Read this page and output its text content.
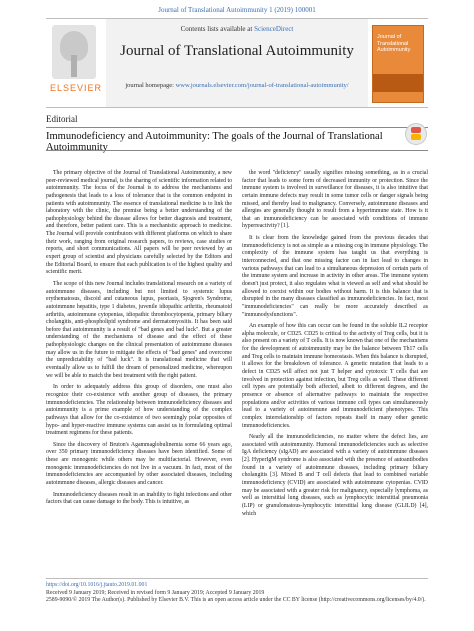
Journal of Translational Autoimmunity 1 (2019) 100001
ELSEVIER
Contents lists available at ScienceDirect
Journal of Translational Autoimmunity
journal homepage: www.journals.elsevier.com/journal-of-translational-autoimmunity/
Journal of Translational Autoimmunity
Editorial
Immunodeficiency and Autoimmunity: The goals of the Journal of Translational Autoimmunity

The primary objective of the Journal of Translational Autoimmunity, a new peer-reviewed medical journal, is the sharing of scientific information related to autoimmunity. The focus of the Journal is to address the mechanisms and pathogenesis that leads to a loss of tolerance that is the common endpoint in patients with autoimmunity. The essence of translational medicine is to link the laboratory with the clinic, the premise being a better understanding of the pathophysiology behind the disease allows for better diagnosis and treatment, and therefore, better patient care. This is a mechanistic approach to medicine. The Journal will provide contributors with different platforms on which to share their work, ranging from original research papers, to reviews, case studies or reports, and short communications. All papers will be peer reviewed by an expert group of scientist and physicians carefully selected by the Editors and the Editorial Board, to ensure that each publication is of the highest quality and scientific merit.

The scope of this new Journal includes translational research on a variety of autoimmune diseases, including but not limited to systemic lupus erythematosus, discoid and cutaneous lupus, psoriasis, Sjogren's Syndrome, autoimmune hepatitis, type 1 diabetes, juvenile idiopathic arthritis, rheumatoid arthritis, autoimmune cytopenias, idiopathic thrombocytopenia, primary biliary cholangitis, anti-phospholipid syndrome and dermatomyositis. It has been said before that autoimmunity is a result of "bad genes and bad luck". But a greater understanding of the mechanisms of disease and the effect of these pathophysiologic changes on the clinical presentation of autoimmune diseases may allow us in the future to mitigate the effects of "bad genes" and overcome the unpredictability of "bad luck". It is translational medicine that will eventually allow us to fulfill the dream of personalized medicine, whereupon we will be able to match the best treatment with the right patient.

In order to adequately address this group of disorders, one must also recognize their co-existence with another group of diseases, the primary immunodeficiencies. The relationship between immunodeficiency diseases and autoimmunity is a prime example of how understanding of the complex pathways that allow for the co-existence of two seemingly polar opposites of hypo- and hyper-reactive immune systems can assist us in formulating optimal treatment regimens for these patients.

Since the discovery of Bruton's Agammaglobulinemia some 66 years ago, over 350 primary immunodeficiency diseases have been identified. Some of these are monogenic while others may be multifactorial. However, even monogenic immunodeficiencies do not live in a vacuum. In fact, most of the immunodeficiencies are accompanied by other associated diseases, including autoimmune diseases, allergic diseases and cancer.

Immunodeficiency diseases result in an inability to fight infections and other factors that can cause damage to the body. This is intuitive, as

the word "deficiency" usually signifies missing something, as in a crucial factor that leads to some form of decreased immunity or protection. Since the immune system is involved in surveillance for diseases, it is also intuitive that certain immune defects may result in some tumor cells or danger signals being missed, and thereby lead to malignancy. Conversely, autoimmune diseases and allergies are generally thought to result from a hyperimmune state. How is it that an immunodeficiency can be associated with conditions of immune hyperreactivity? [1].

It is clear from the knowledge gained from the previous decades that immunodeficiency is not as simple as a missing cog in immune physiology. The complexity of the immune system has taught us that everything is interconnected, and that one missing factor can in fact lead to changes in various pathways that can lead to a simultaneous depression of certain parts of the immune system and increase in activity in other areas. The immune system doesn't just protect, it also regulates what is viewed as self and what should be allowed to coexist within our bodies without harm. It is this balance that is disrupted in the many diseases classified as immunodeficiencies. In fact, most "immunodeficiencies" can really be more accurately described as "immunodysfunctions".

An example of how this can occur can be found in the soluble IL2 receptor alpha molecule, or CD25. CD25 is critical to the activity of Treg cells, but it is also present on a variety of T cells. It is now known that one of the mechanisms for the development of autoimmunity may be the balance between Th17 cells and Treg cells to maintain immune homeostasis. When this balance is disrupted, it allows for the breakdown of tolerance. A genetic mutation that leads to a defect in CD25 will affect not just T helper and cytotoxic T cells that are involved in protection against infection, but Treg cells as well. These different cell types are potentially both affected, albeit to different degrees, and the presence or absence of alternative pathways to maintain the respective populations and/or activities of various immune cell types can simultaneously lead to a variety of autoimmune and immunodeficient phenotypes. This complex interrelationship of factors repeats itself in many other genetic immunodeficiencies.

Nearly all the immunodeficiencies, no matter where the defect lies, are associated with autoimmunity. Humoral immunodeficiencies such as selective IgA deficiency (sIgAD) are associated with a variety of autoimmune diseases [2]. HyperIgM syndrome is also associated with the presence of autoantibodies found in a variety of autoimmune diseases, including primary biliary cholangitis [3]. Mixed B and T cell defects that lead to combined variable immunodeficiency (CVID) are associated with autoimmune cytopenias. CVID may be associated with a greater risk for malignancy, especially lymphoma, as well as interstitial lung diseases, such as lymphocytic interstitial pneumonia (LIP) or granulomatous-lymphocytic interstitial lung disease (GLILD) [4], which

https://doi.org/10.1016/j.jtauto.2019.01.001
Received 9 January 2019; Received in revised form 9 January 2019; Accepted 9 January 2019
2589-9090/© 2019 The Author(s). Published by Elsevier B.V. This is an open access article under the CC BY license (http://creativecommons.org/licenses/by/4.0/).
